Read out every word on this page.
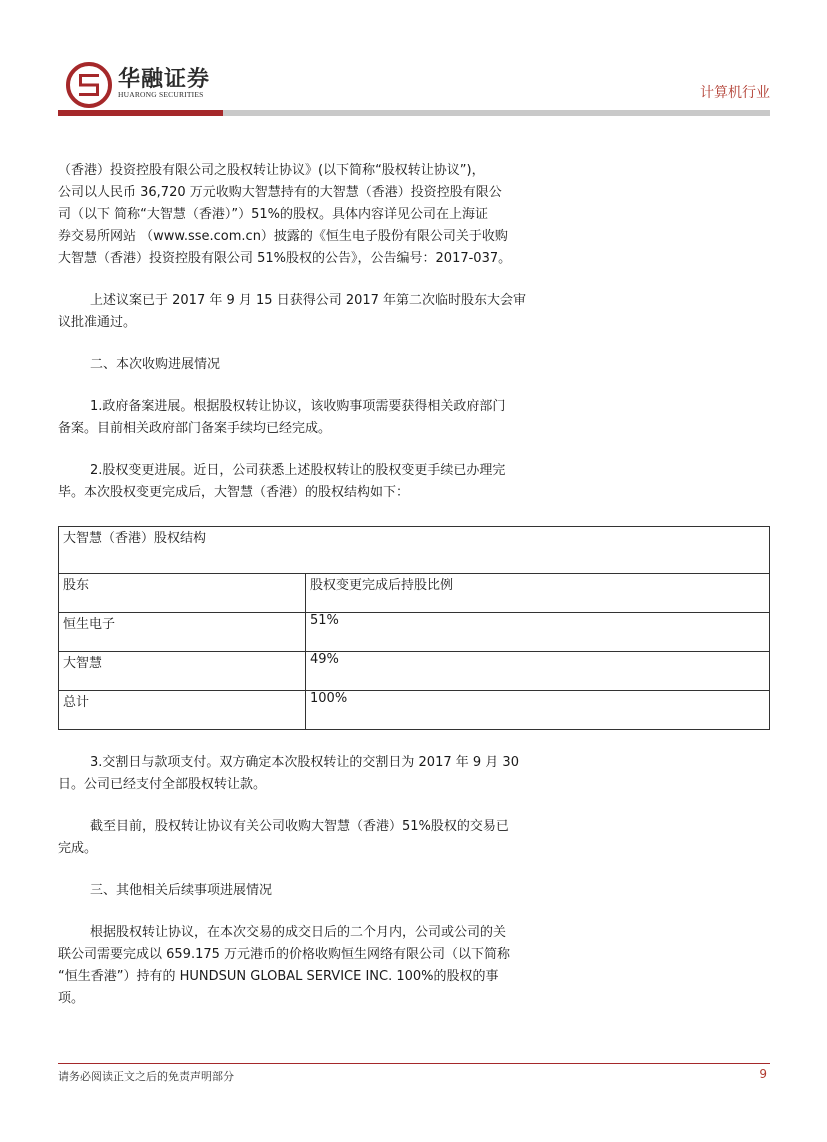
华融证券
HUARONG SECURITIES	计算机行业

（香港）投资控股有限公司之股权转让协议》(以下简称“股权转让协议”)，
公司以人民币 36,720 万元收购大智慧持有的大智慧（香港）投资控股有限公
司（以下 简称“大智慧（香港）”）51%的股权。具体内容详见公司在上海证
券交易所网站 （www.sse.com.cn）披露的《恒生电子股份有限公司关于收购
大智慧（香港）投资控股有限公司 51%股权的公告》，公告编号：2017-037。

上述议案已于 2017 年 9 月 15 日获得公司 2017 年第二次临时股东大会审
议批准通过。

二、本次收购进展情况

1.政府备案进展。根据股权转让协议，该收购事项需要获得相关政府部门
备案。目前相关政府部门备案手续均已经完成。

2.股权变更进展。近日，公司获悉上述股权转让的股权变更手续已办理完
毕。本次股权变更完成后，大智慧（香港）的股权结构如下：

大智慧（香港）股权结构	
股东	股权变更完成后持股比例
恒生电子	51%
大智慧	49%
总计	100%

3.交割日与款项支付。双方确定本次股权转让的交割日为 2017 年 9 月 30
日。公司已经支付全部股权转让款。

截至目前，股权转让协议有关公司收购大智慧（香港）51%股权的交易已
完成。

三、其他相关后续事项进展情况

根据股权转让协议，在本次交易的成交日后的二个月内，公司或公司的关
联公司需要完成以 659.175 万元港币的价格收购恒生网络有限公司（以下简称
“恒生香港”）持有的 HUNDSUN GLOBAL SERVICE INC. 100%的股权的事
项。

请务必阅读正文之后的免责声明部分	9
